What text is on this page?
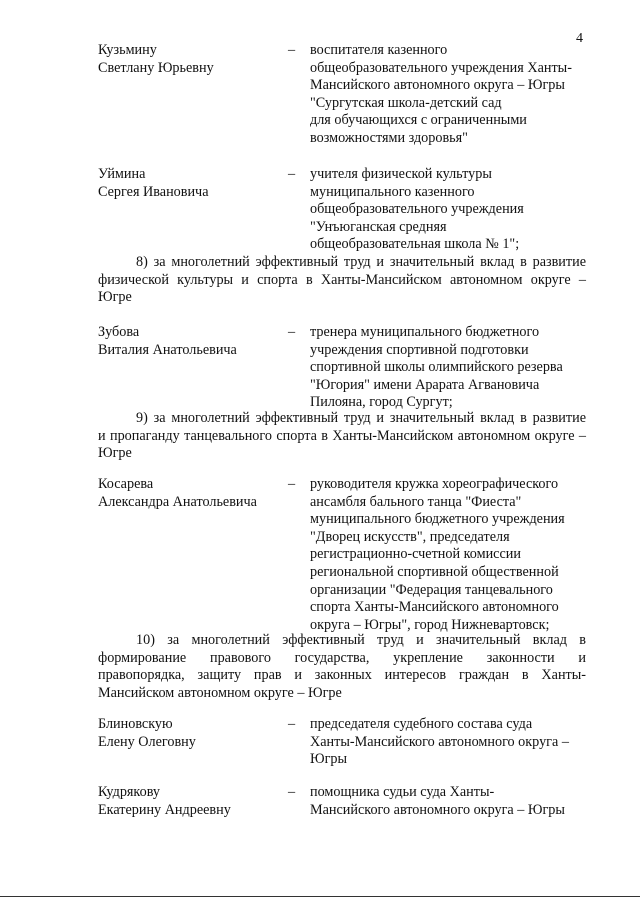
4
Кузьмину
Светлану Юрьевну
– воспитателя казенного
общеобразовательного учреждения Ханты-
Мансийского автономного округа – Югры
"Сургутская школа-детский сад
для обучающихся с ограниченными
возможностями здоровья"
Уймина
Сергея Ивановича
– учителя физической культуры
муниципального казенного
общеобразовательного учреждения
"Унъюганская средняя
общеобразовательная школа № 1";
8) за многолетний эффективный труд и значительный вклад в развитие
физической культуры и спорта в Ханты-Мансийском автономном округе –
Югре
Зубова
Виталия Анатольевича
– тренера муниципального бюджетного
учреждения спортивной подготовки
спортивной школы олимпийского резерва
"Югория" имени Арарата Агвановича
Пилояна, город Сургут;
9) за многолетний эффективный труд и значительный вклад в развитие
и пропаганду танцевального спорта в Ханты-Мансийском автономном округе –
Югре
Косарева
Александра Анатольевича
– руководителя кружка хореографического
ансамбля бального танца "Фиеста"
муниципального бюджетного учреждения
"Дворец искусств", председателя
регистрационно-счетной комиссии
региональной спортивной общественной
организации "Федерация танцевального
спорта Ханты-Мансийского автономного
округа – Югры", город Нижневартовск;
10) за многолетний эффективный труд и значительный вклад в
формирование правового государства, укрепление законности и
правопорядка, защиту прав и законных интересов граждан в Ханты-
Мансийском автономном округе – Югре
Блиновскую
Елену Олеговну
– председателя судебного состава суда
Ханты-Мансийского автономного округа –
Югры
Кудрякову
Екатерину Андреевну
– помощника судьи суда Ханты-
Мансийского автономного округа – Югры
